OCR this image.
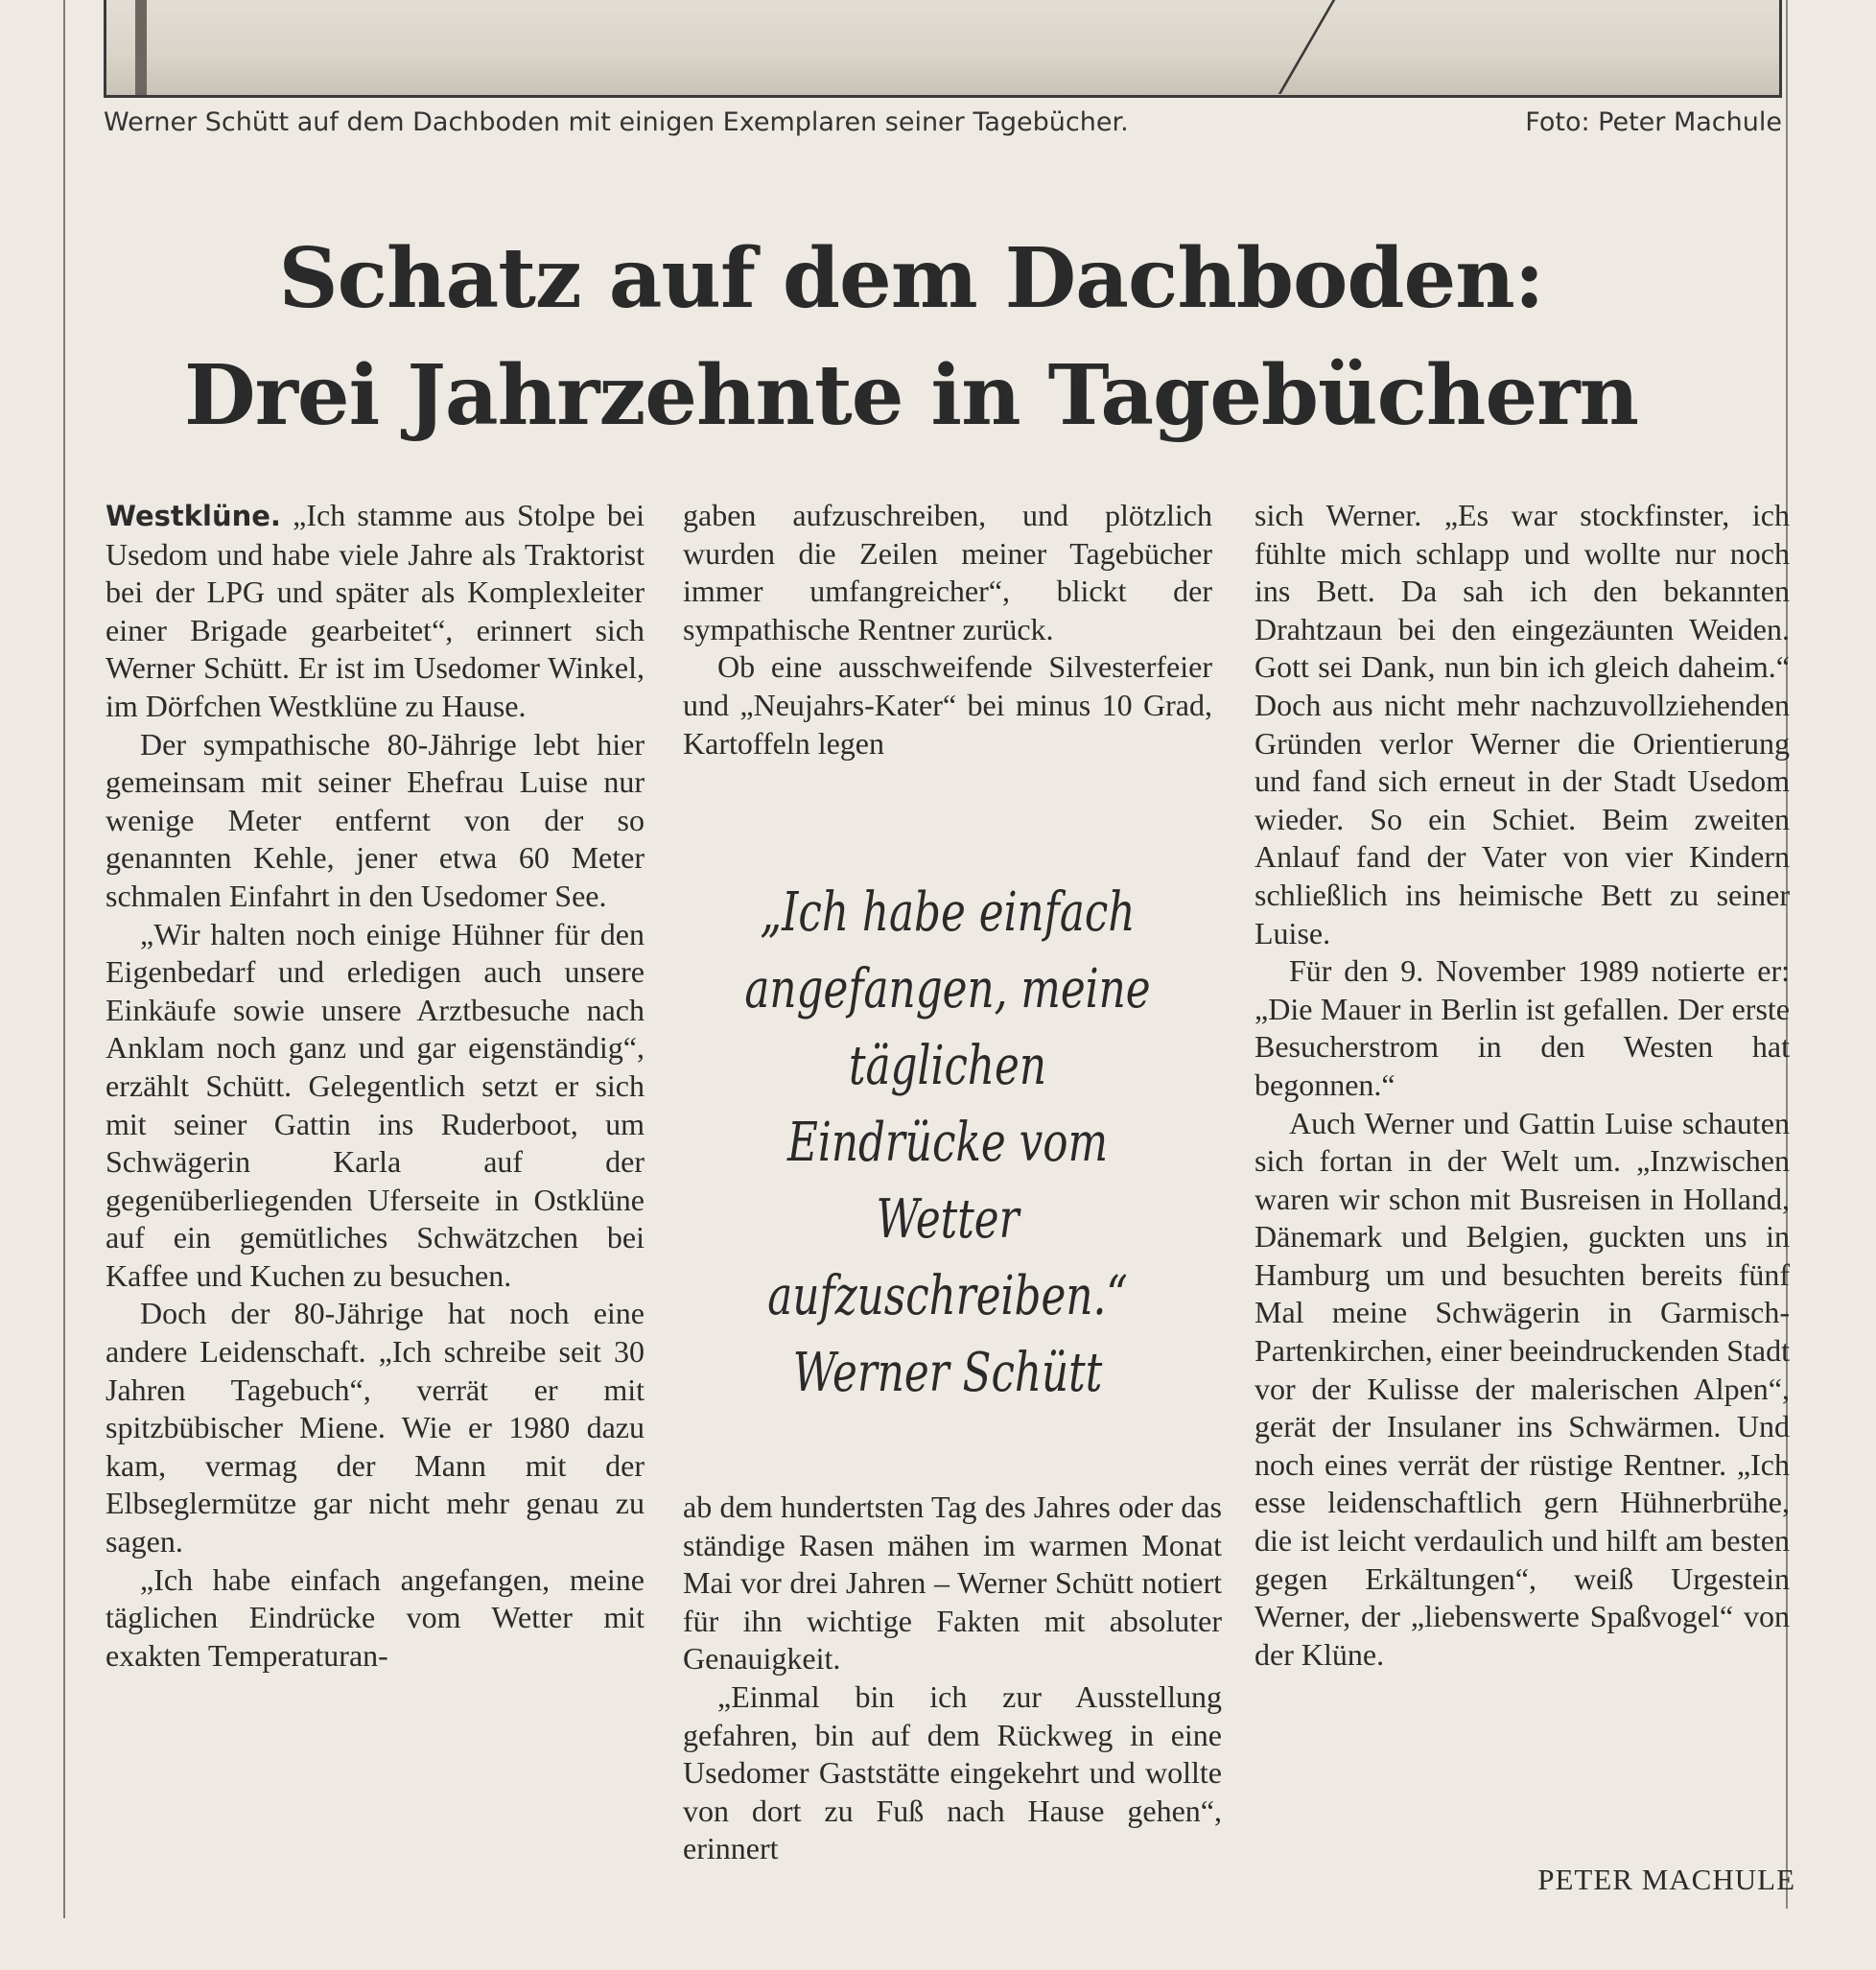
Werner Schütt auf dem Dachboden mit einigen Exemplaren seiner Tagebücher.	Foto: Peter Machule
Schatz auf dem Dachboden:
Drei Jahrzehnte in Tagebüchern

Westklüne. „Ich stamme aus Stolpe bei Usedom und habe viele Jahre als Traktorist bei der LPG und später als Komplexleiter einer Brigade gearbeitet“, erinnert sich Werner Schütt. Er ist im Usedomer Winkel, im Dörfchen Westklüne zu Hause.

Der sympathische 80-Jährige lebt hier gemeinsam mit seiner Ehefrau Luise nur wenige Meter entfernt von der so genannten Kehle, jener etwa 60 Meter schmalen Einfahrt in den Usedomer See.

„Wir halten noch einige Hühner für den Eigenbedarf und erledigen auch unsere Einkäufe sowie unsere Arztbesuche nach Anklam noch ganz und gar eigenständig“, erzählt Schütt. Gelegentlich setzt er sich mit seiner Gattin ins Ruderboot, um Schwägerin Karla auf der gegenüberliegenden Uferseite in Ostklüne auf ein gemütliches Schwätzchen bei Kaffee und Kuchen zu besuchen.

Doch der 80-Jährige hat noch eine andere Leidenschaft. „Ich schreibe seit 30 Jahren Tagebuch“, verrät er mit spitzbübischer Miene. Wie er 1980 dazu kam, vermag der Mann mit der Elbseglermütze gar nicht mehr genau zu sagen.

„Ich habe einfach angefangen, meine täglichen Eindrücke vom Wetter mit exakten Temperaturan-

gaben aufzuschreiben, und plötzlich wurden die Zeilen meiner Tagebücher immer umfangreicher“, blickt der sympathische Rentner zurück.

Ob eine ausschweifende Silvesterfeier und „Neujahrs-Kater“ bei minus 10 Grad, Kartoffeln legen

„Ich habe einfach angefangen, meine täglichen Eindrücke vom Wetter aufzuschreiben.“
Werner Schütt

ab dem hundertsten Tag des Jahres oder das ständige Rasen mähen im warmen Monat Mai vor drei Jahren – Werner Schütt notiert für ihn wichtige Fakten mit absoluter Genauigkeit.

„Einmal bin ich zur Ausstellung gefahren, bin auf dem Rückweg in eine Usedomer Gaststätte eingekehrt und wollte von dort zu Fuß nach Hause gehen“, erinnert

sich Werner. „Es war stockfinster, ich fühlte mich schlapp und wollte nur noch ins Bett. Da sah ich den bekannten Drahtzaun bei den eingezäunten Weiden. Gott sei Dank, nun bin ich gleich daheim.“ Doch aus nicht mehr nachzuvollziehenden Gründen verlor Werner die Orientierung und fand sich erneut in der Stadt Usedom wieder. So ein Schiet. Beim zweiten Anlauf fand der Vater von vier Kindern schließlich ins heimische Bett zu seiner Luise.

Für den 9. November 1989 notierte er: „Die Mauer in Berlin ist gefallen. Der erste Besucherstrom in den Westen hat begonnen.“

Auch Werner und Gattin Luise schauten sich fortan in der Welt um. „Inzwischen waren wir schon mit Busreisen in Holland, Dänemark und Belgien, guckten uns in Hamburg um und besuchten bereits fünf Mal meine Schwägerin in Garmisch- Partenkirchen, einer beeindruckenden Stadt vor der Kulisse der malerischen Alpen“, gerät der Insulaner ins Schwärmen. Und noch eines verrät der rüstige Rentner. „Ich esse leidenschaftlich gern Hühnerbrühe, die ist leicht verdaulich und hilft am besten gegen Erkältungen“, weiß Urgestein Werner, der „liebenswerte Spaßvogel“ von der Klüne.

PETER MACHULE
